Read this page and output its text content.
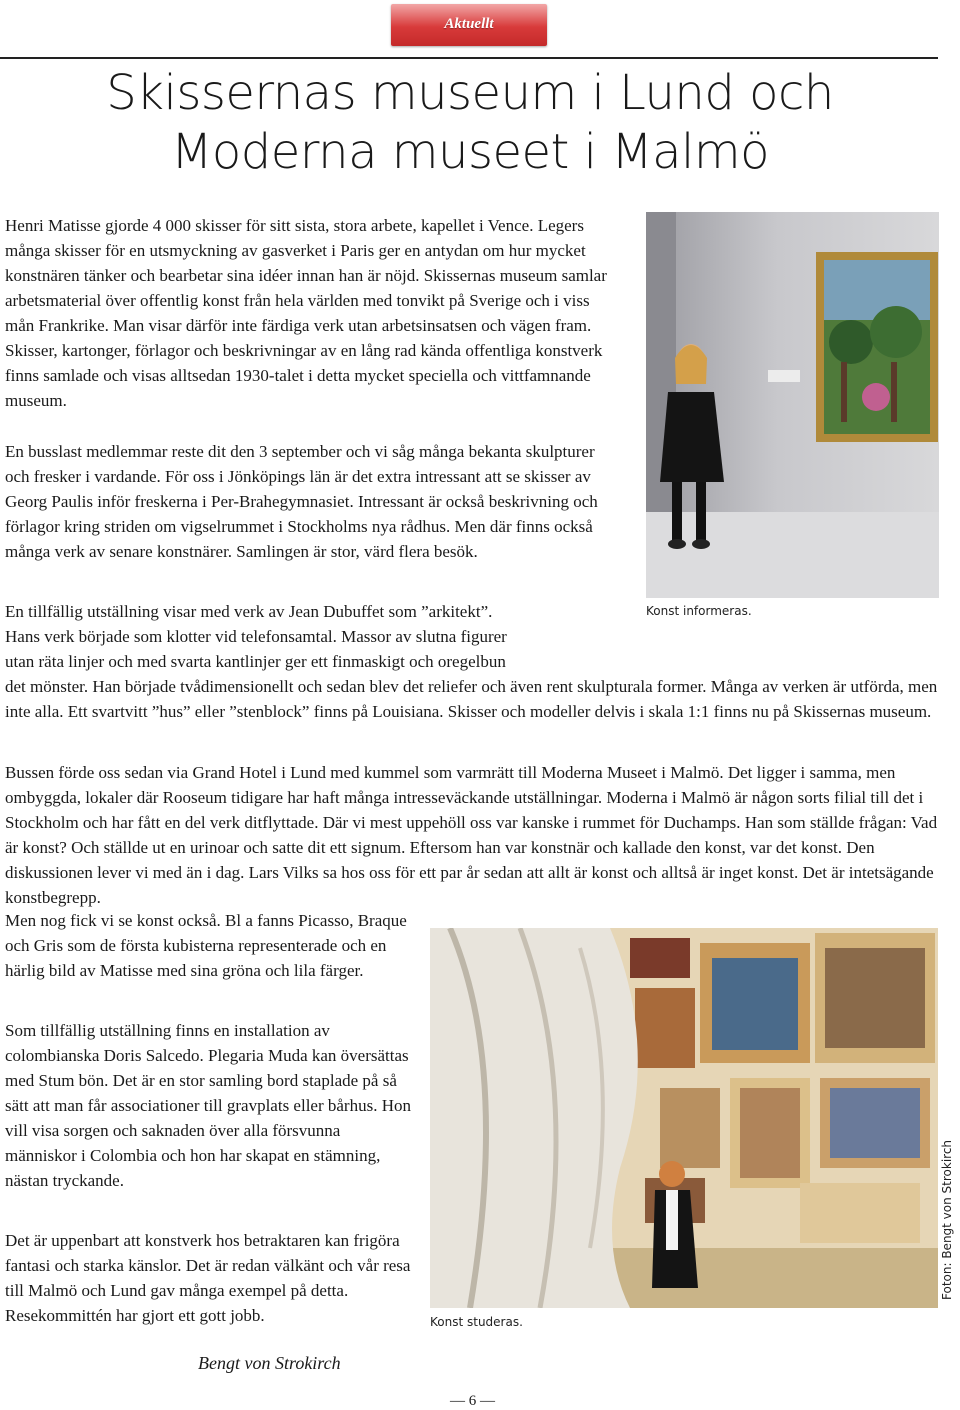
Aktuellt
Skissernas museum i Lund och
Moderna museet i Malmö

Henri Matisse gjorde 4 000 skisser för sitt sista, stora arbete, kapellet i Vence. Legers många skisser för en utsmyckning av gasverket i Paris ger en antydan om hur mycket konstnären tänker och bearbetar sina idéer innan han är nöjd. Skissernas museum samlar arbetsmaterial över offentlig konst från hela världen med tonvikt på Sverige och i viss mån Frankrike. Man visar därför inte färdiga verk utan arbetsinsatsen och vägen fram. Skisser, kartonger, förlagor och beskrivningar av en lång rad kända offentliga konstverk finns samlade och visas alltsedan 1930-talet i detta mycket speciella och vittfamnande museum.

En busslast medlemmar reste dit den 3 september och vi såg många bekanta skulpturer och fresker i vardande. För oss i Jönköpings län är det extra intressant att se skisser av Georg Paulis inför freskerna i Per-Brahegymnasiet. Intressant är också beskrivning och förlagor kring striden om vigselrummet i Stockholms nya rådhus. Men där finns också många verk av senare konstnärer. Samlingen är stor, värd flera besök.

Konst informeras.

En tillfällig utställning visar med verk av Jean Dubuffet som ”arkitekt”.

Hans verk började som klotter vid telefonsamtal. Massor av slutna figurer

utan räta linjer och med svarta kantlinjer ger ett finmaskigt och oregelbun

det mönster. Han började tvådimensionellt och sedan blev det reliefer och även rent skulpturala former. Många av verken är utförda, men inte alla. Ett svartvitt ”hus” eller ”stenblock” finns på Louisiana. Skisser och modeller delvis i skala 1:1 finns nu på Skissernas museum.

Bussen förde oss sedan via Grand Hotel i Lund med kummel som varmrätt till Moderna Museet i Malmö. Det ligger i samma, men ombyggda, lokaler där Rooseum tidigare har haft många intresseväckande utställningar. Moderna i Malmö är någon sorts filial till det i Stockholm och har fått en del verk ditflyttade. Där vi mest uppehöll oss var kanske i rummet för Duchamps. Han som ställde frågan: Vad är konst? Och ställde ut en urinoar och satte dit ett signum. Eftersom han var konstnär och kallade den konst, var det konst. Den diskussionen lever vi med än i dag. Lars Vilks sa hos oss för ett par år sedan att allt är konst och alltså är inget konst. Det är intetsägande konstbegrepp.

Men nog fick vi se konst också. Bl a fanns Picasso, Braque och Gris som de första kubisterna representerade och en härlig bild av Matisse med sina gröna och lila färger.

Som tillfällig utställning finns en installation av colombianska Doris Salcedo. Plegaria Muda kan översättas med Stum bön. Det är en stor samling bord staplade på så sätt att man får associationer till gravplats eller bårhus. Hon vill visa sorgen och saknaden över alla försvunna människor i Colombia och hon har skapat en stämning, nästan tryckande.

Det är uppenbart att konstverk hos betraktaren kan frigöra fantasi och starka känslor. Det är redan välkänt och vår resa till Malmö och Lund gav många exempel på detta. Resekommittén har gjort ett gott jobb.	Konst studeras.
Foton: Bengt von Strokirch
Bengt von Strokirch
— 6 —
